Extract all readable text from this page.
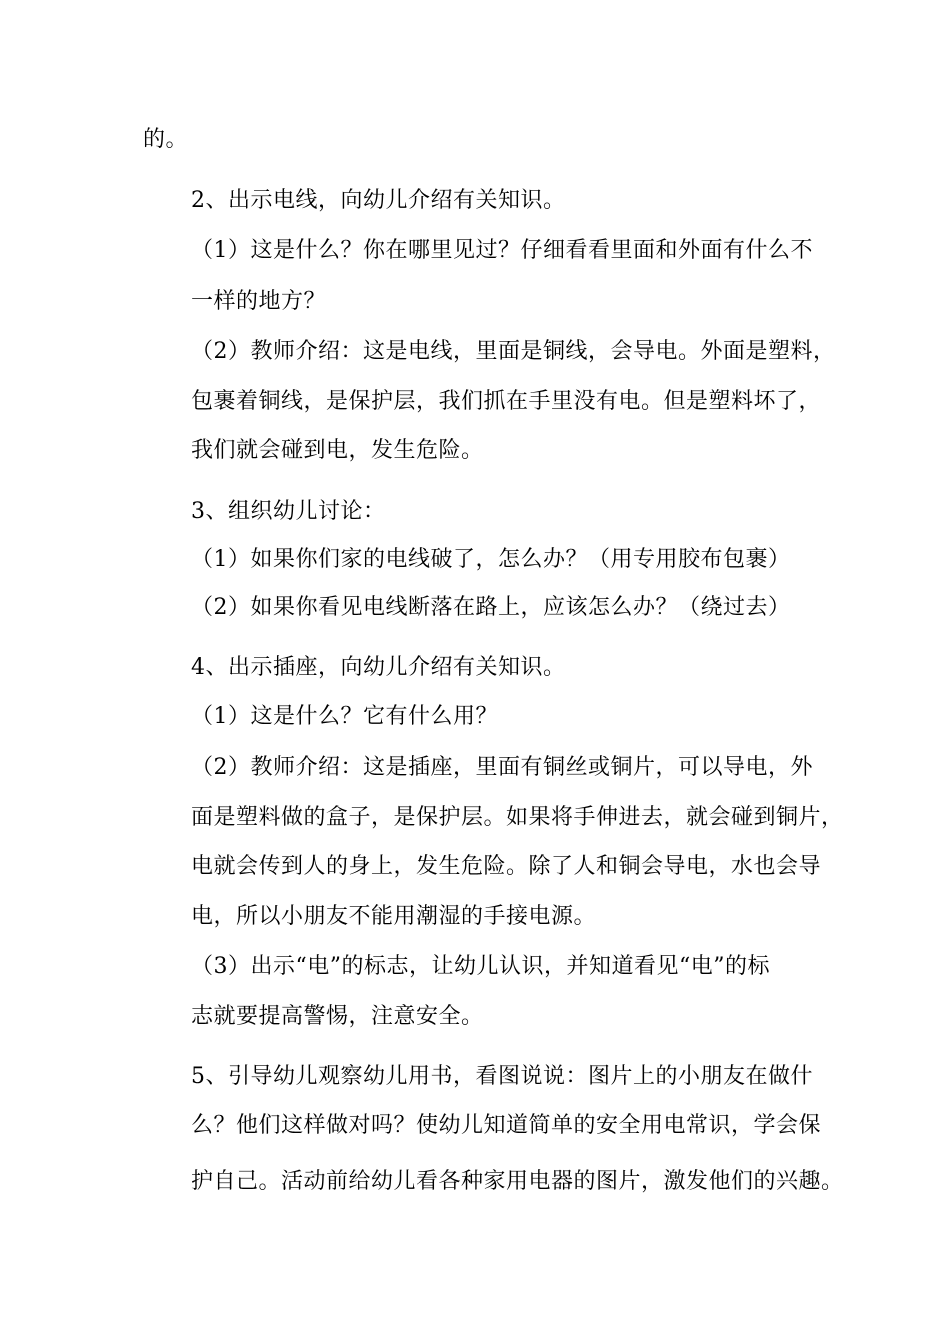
的。
2、出示电线，向幼儿介绍有关知识。
（1）这是什么？你在哪里见过？仔细看看里面和外面有什么不
一样的地方？
（2）教师介绍：这是电线，里面是铜线，会导电。外面是塑料，
包裹着铜线，是保护层，我们抓在手里没有电。但是塑料坏了，
我们就会碰到电，发生危险。
3、组织幼儿讨论：
（1）如果你们家的电线破了，怎么办？（用专用胶布包裹）
（2）如果你看见电线断落在路上，应该怎么办？（绕过去）
4、出示插座，向幼儿介绍有关知识。
（1）这是什么？它有什么用？
（2）教师介绍：这是插座，里面有铜丝或铜片，可以导电，外
面是塑料做的盒子，是保护层。如果将手伸进去，就会碰到铜片，
电就会传到人的身上，发生危险。除了人和铜会导电，水也会导
电，所以小朋友不能用潮湿的手接电源。
（3）出示“电”的标志，让幼儿认识，并知道看见“电”的标
志就要提高警惕，注意安全。
5、引导幼儿观察幼儿用书，看图说说：图片上的小朋友在做什
么？他们这样做对吗？使幼儿知道简单的安全用电常识，学会保
护自己。活动前给幼儿看各种家用电器的图片，激发他们的兴趣。
